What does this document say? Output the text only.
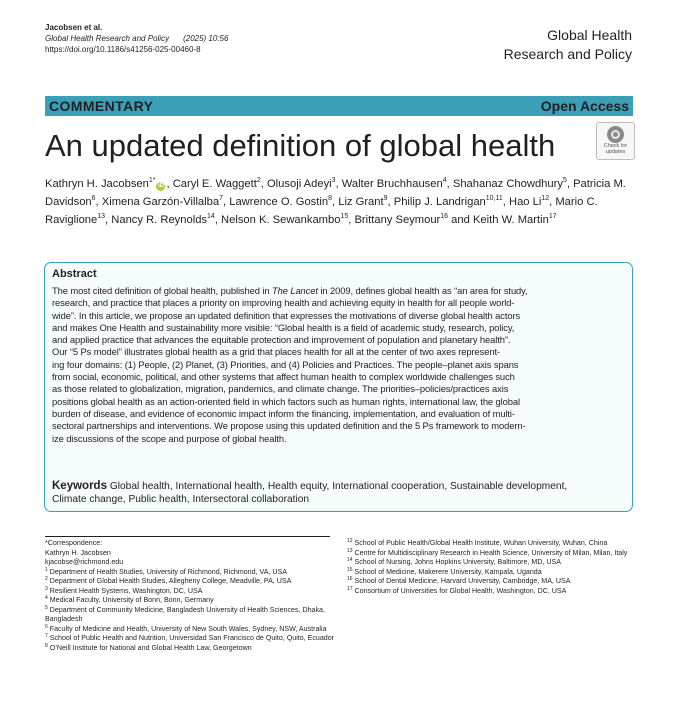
Jacobsen et al.
Global Health Research and Policy (2025) 10:56
https://doi.org/10.1186/s41256-025-00460-8
Global Health
Research and Policy
COMMENTARY	Open Access
An updated definition of global health	Check for
updates
Kathryn H. Jacobsen$^{1*}$iD , Caryl E. Waggett$^2$, Olusoji Adeyi$^3$, Walter Bruchhausen$^4$, Shahanaz Chowdhury$^5$, Patricia M. Davidson$^6$, Ximena Garzón-Villalba$^7$, Lawrence O. Gostin$^8$, Liz Grant$^9$, Philip J. Landrigan$^{10,11}$, Hao Li$^{12}$, Mario C. Raviglione$^{13}$, Nancy R. Reynolds$^{14}$, Nelson K. Sewankambo$^{15}$, Brittany Seymour$^{16}$ and Keith W. Martin$^{17}$
Abstract
The most cited definition of global health, published in The Lancet in 2009, defines global health as “an area for study,
research, and practice that places a priority on improving health and achieving equity in health for all people world-
wide”. In this article, we propose an updated definition that expresses the motivations of diverse global health actors
and makes One Health and sustainability more visible: “Global health is a field of academic study, research, policy,
and applied practice that advances the equitable protection and improvement of population and planetary health”.
Our “5 Ps model” illustrates global health as a grid that places health for all at the center of two axes represent-
ing four domains: (1) People, (2) Planet, (3) Priorities, and (4) Policies and Practices. The people–planet axis spans
from social, economic, political, and other systems that affect human health to complex worldwide challenges such
as those related to globalization, migration, pandemics, and climate change. The priorities–policies/practices axis
positions global health as an action-oriented field in which factors such as human rights, international law, the global
burden of disease, and evidence of economic impact inform the financing, implementation, and evaluation of multi-
sectoral partnerships and interventions. We propose using this updated definition and the 5 Ps framework to modern-
ize discussions of the scope and purpose of global health.
Keywords Global health, International health, Health equity, International cooperation, Sustainable development,
Climate change, Public health, Intersectoral collaboration
*Correspondence:
Kathryn H. Jacobsen
kjacobse@richmond.edu
$^1$ Department of Health Studies, University of Richmond, Richmond, VA, USA
$^2$ Department of Global Health Studies, Allegheny College, Meadville, PA, USA
$^3$ Resilient Health Systems, Washington, DC, USA
$^4$ Medical Faculty, University of Bonn, Bonn, Germany
$^5$ Department of Community Medicine, Bangladesh University of Health Sciences, Dhaka, Bangladesh
$^6$ Faculty of Medicine and Health, University of New South Wales, Sydney, NSW, Australia
$^7$ School of Public Health and Nutrition, Universidad San Francisco de Quito, Quito, Ecuador
$^8$ O’Neill Institute for National and Global Health Law, Georgetown
$^{12}$ School of Public Health/Global Health Institute, Wuhan University, Wuhan, China
$^{13}$ Centre for Multidisciplinary Research in Health Science, University of Milan, Milan, Italy
$^{14}$ School of Nursing, Johns Hopkins University, Baltimore, MD, USA
$^{15}$ School of Medicine, Makerere University, Kampala, Uganda
$^{16}$ School of Dental Medicine, Harvard University, Cambridge, MA, USA
$^{17}$ Consortium of Universities for Global Health, Washington, DC, USA
